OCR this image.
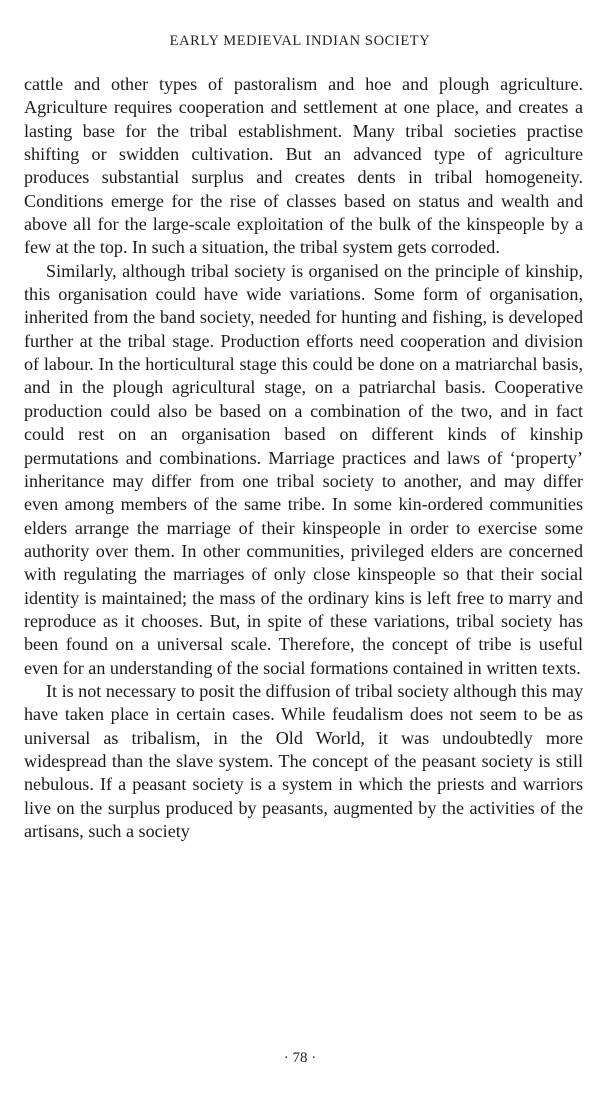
EARLY MEDIEVAL INDIAN SOCIETY

cattle and other types of pastoralism and hoe and plough agriculture. Agriculture requires cooperation and settlement at one place, and creates a lasting base for the tribal establishment. Many tribal societies practise shifting or swidden cultivation. But an advanced type of agriculture produces substantial surplus and creates dents in tribal homogeneity. Conditions emerge for the rise of classes based on status and wealth and above all for the large-scale exploitation of the bulk of the kinspeople by a few at the top. In such a situation, the tribal system gets corroded.

Similarly, although tribal society is organised on the principle of kinship, this organisation could have wide variations. Some form of organisation, inherited from the band society, needed for hunting and fishing, is developed further at the tribal stage. Production efforts need cooperation and division of labour. In the horticultural stage this could be done on a matriarchal basis, and in the plough agricultural stage, on a patriarchal basis. Cooperative production could also be based on a combination of the two, and in fact could rest on an organisation based on different kinds of kinship permutations and combinations. Marriage practices and laws of ‘property’ inheritance may differ from one tribal society to another, and may differ even among members of the same tribe. In some kin-ordered communities elders arrange the marriage of their kinspeople in order to exercise some authority over them. In other communities, privileged elders are concerned with regulating the marriages of only close kinspeople so that their social identity is maintained; the mass of the ordinary kins is left free to marry and reproduce as it chooses. But, in spite of these variations, tribal society has been found on a universal scale. Therefore, the concept of tribe is useful even for an understanding of the social formations contained in written texts.

It is not necessary to posit the diffusion of tribal society although this may have taken place in certain cases. While feudalism does not seem to be as universal as tribalism, in the Old World, it was undoubtedly more widespread than the slave system. The concept of the peasant society is still nebulous. If a peasant society is a system in which the priests and warriors live on the surplus produced by peasants, augmented by the activities of the artisans, such a society

· 78 ·
